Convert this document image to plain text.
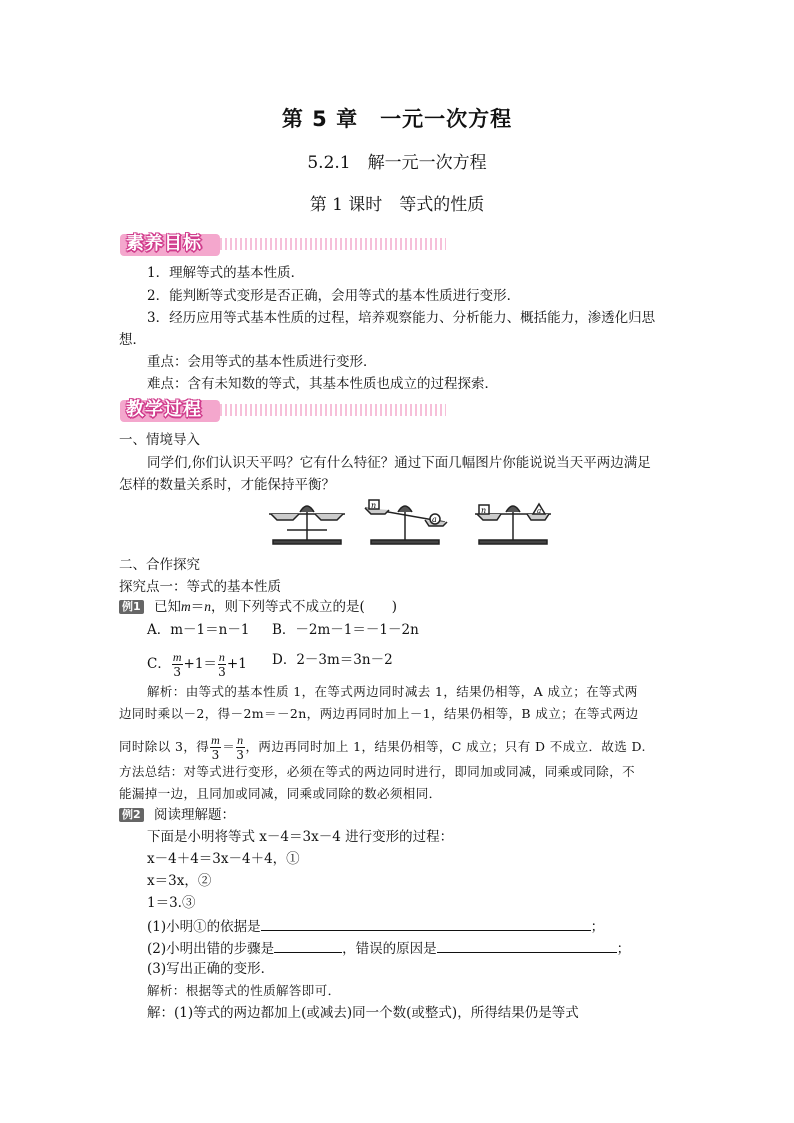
第 5 章　一元一次方程
5.2.1　解一元一次方程
第 1 课时　等式的性质
素养目标
1．理解等式的基本性质．
2．能判断等式变形是否正确，会用等式的基本性质进行变形．
3．经历应用等式基本性质的过程，培养观察能力、分析能力、概括能力，渗透化归思
想．
重点：会用等式的基本性质进行变形．
难点：含有未知数的等式，其基本性质也成立的过程探索．
教学过程
一、情境导入
同学们,你们认识天平吗？它有什么特征？通过下面几幅图片你能说说当天平两边满足
怎样的数量关系时，才能保持平衡？
n
a
n	a
二、合作探究
探究点一：等式的基本性质
例1 已知m＝n，则下列等式不成立的是(　　)
A．m－1＝n－1 B．－2m－1＝－1－2n
C． $\frac{m}{3} +1= \frac{n}{3} +1$ D．2－3m＝3n－2
解析：由等式的基本性质 1，在等式两边同时减去 1，结果仍相等，A 成立；在等式两
边同时乘以－2，得－2m＝－2n，两边再同时加上－1，结果仍相等，B 成立；在等式两边
同时除以 3，得 $\frac{m}{3} = \frac{n}{3}$ ，两边再同时加上 1，结果仍相等，C 成立；只有 D 不成立．故选 D.
方法总结：对等式进行变形，必须在等式的两边同时进行，即同加或同减，同乘或同除，不
能漏掉一边，且同加或同减，同乘或同除的数必须相同．
例2 阅读理解题：
下面是小明将等式 x－4＝3x－4 进行变形的过程：
x－4＋4＝3x－4＋4，①
x＝3x，②
1＝3.③
(1)小明①的依据是	；
(2)小明出错的步骤是	，错误的原因是	；
(3)写出正确的变形．
解析：根据等式的性质解答即可．
解：(1)等式的两边都加上(或减去)同一个数(或整式)，所得结果仍是等式
